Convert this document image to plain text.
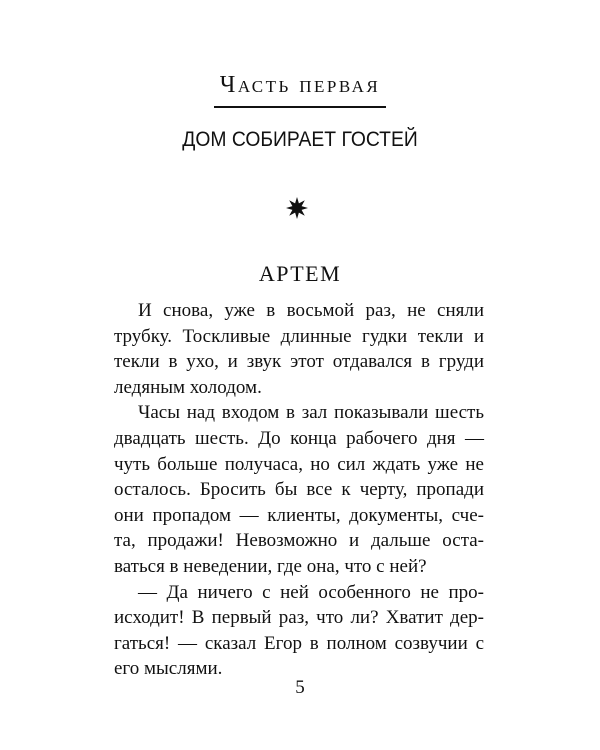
Часть первая
ДОМ СОБИРАЕТ ГОСТЕЙ
АРТЕМ
И снова, уже в восьмой раз, не сняли
трубку. Тоскливые длинные гудки текли и
текли в ухо, и звук этот отдавался в груди
ледяным холодом.
Часы над входом в зал показывали шесть
двадцать шесть. До конца рабочего дня —
чуть больше получаса, но сил ждать уже не
осталось. Бросить бы все к черту, пропади
они пропадом — клиенты, документы, сче-
та, продажи! Невозможно и дальше оста-
ваться в неведении, где она, что с ней?
— Да ничего с ней особенного не про-
исходит! В первый раз, что ли? Хватит дер-
гаться! — сказал Егор в полном созвучии с
его мыслями.
5
